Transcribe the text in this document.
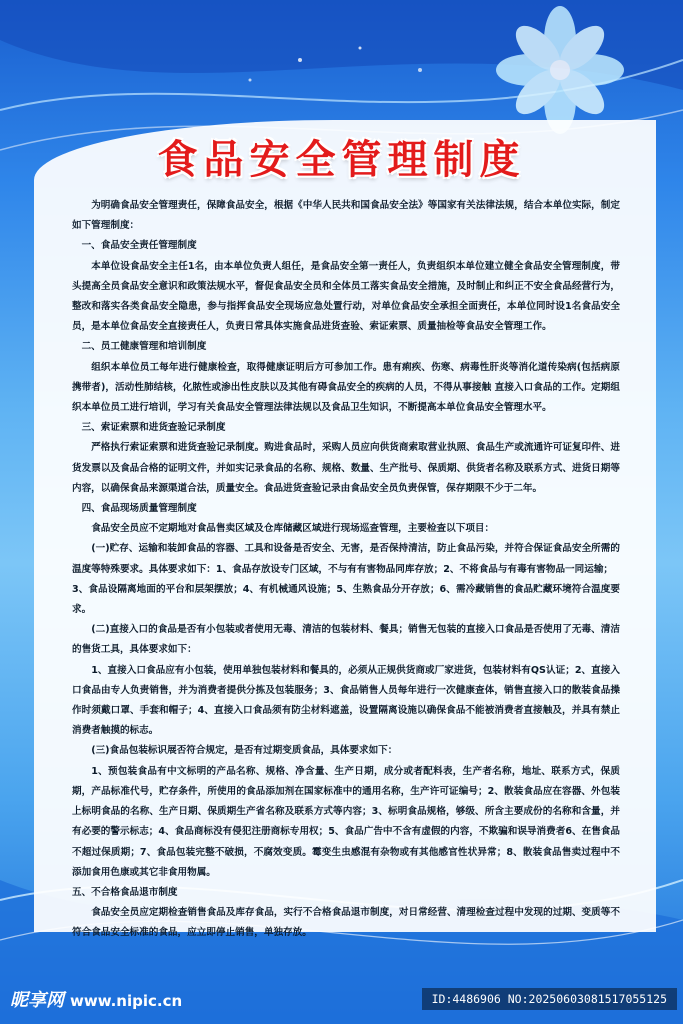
食品安全管理制度

为明确食品安全管理责任，保障食品安全，根据《中华人民共和国食品安全法》等国家有关法律法规，结合本单位实际，制定如下管理制度：

一、食品安全责任管理制度

本单位设食品安全主任1名，由本单位负责人组任，是食品安全第一责任人，负责组织本单位建立健全食品安全管理制度，带头提高全员食品安全意识和政策法规水平，督促食品安全员和全体员工落实食品安全措施，及时制止和纠正不安全食品经营行为，整改和落实各类食品安全隐患，参与指挥食品安全现场应急处置行动，对单位食品安全承担全面责任，本单位同时设1名食品安全员，是本单位食品安全直接责任人，负责日常具体实施食品进货查验、索证索票、质量抽检等食品安全管理工作。

二、员工健康管理和培训制度

组织本单位员工每年进行健康检查，取得健康证明后方可参加工作。患有痢疾、伤寒、病毒性肝炎等消化道传染病(包括病原携带者)，活动性肺结核，化脓性或渗出性皮肤以及其他有碍食品安全的疾病的人员，不得从事接触 直接入口食品的工作。定期组织本单位员工进行培训，学习有关食品安全管理法律法规以及食品卫生知识，不断提高本单位食品安全管理水平。

三、索证索票和进货查验记录制度

严格执行索证索票和进货查验记录制度。购进食品时，采购人员应向供货商索取营业执照、食品生产或流通许可证复印件、进货发票以及食品合格的证明文件，并如实记录食品的名称、规格、数量、生产批号、保质期、供货者名称及联系方式、进货日期等内容，以确保食品来源渠道合法，质量安全。食品进货查验记录由食品安全员负责保管，保存期限不少于二年。

四、食品现场质量管理制度

食品安全员应不定期地对食品售卖区域及仓库储藏区域进行现场巡查管理，主要检查以下项目：

(一)贮存、运输和装卸食品的容器、工具和设备是否安全、无害，是否保持清洁，防止食品污染，并符合保证食品安全所需的温度等特殊要求。具体要求如下：1、食品存放设专门区域，不与有有害物品同库存放；2、不将食品与有毒有害物品一同运输；

3、食品设隔离地面的平台和层架摆放；4、有机械通风设施；5、生熟食品分开存放；6、需冷藏销售的食品贮藏环境符合温度要求。

(二)直接入口的食品是否有小包装或者使用无毒、清洁的包装材料、餐具；销售无包装的直接入口食品是否使用了无毒、清洁的售货工具，具体要求如下：

1、直接入口食品应有小包装，使用单独包装材料和餐具的，必须从正规供货商或厂家进货，包装材料有QS认证；2、直接入口食品由专人负责销售，并为消费者提供分拣及包装服务；3、食品销售人员每年进行一次健康查体，销售直接入口的散装食品操作时须戴口罩、手套和帽子；4、直接入口食品须有防尘材料遮盖，设置隔离设施以确保食品不能被消费者直接触及，并具有禁止消费者触摸的标志。

(三)食品包装标识展否符合规定，是否有过期变质食品，具体要求如下：

1、预包装食品有中文标明的产品名称、规格、净含量、生产日期，成分或者配料表，生产者名称，地址、联系方式，保质期，产品标准代号，贮存条件，所使用的食品添加剂在国家标准中的通用名称，生产许可证编号；2、散装食品应在容器、外包装上标明食品的名称、生产日期、保质期生产省名称及联系方式等内容；3、标明食品规格，够级、所含主要成份的名称和含量，并有必要的警示标志；4、食品商标没有侵犯注册商标专用权；5、食品广告中不含有虚假的内容，不欺骗和误导消费者6、在售食品不超过保质期；7、食品包装完整不破损，不腐效变质。霉变生虫感混有杂物或有其他感官性状异常；8、散装食品售卖过程中不添加食用色康或其它非食用物属。

五、不合格食品退市制度

食品安全员应定期检查销售食品及库存食品，实行不合格食品退市制度，对日常经营、清理检查过程中发现的过期、变质等不符合食品安全标准的食品，应立即停止销售，单独存放。

昵享网 www.nipic.cn	ID:4486906 NO:20250603081517055125
